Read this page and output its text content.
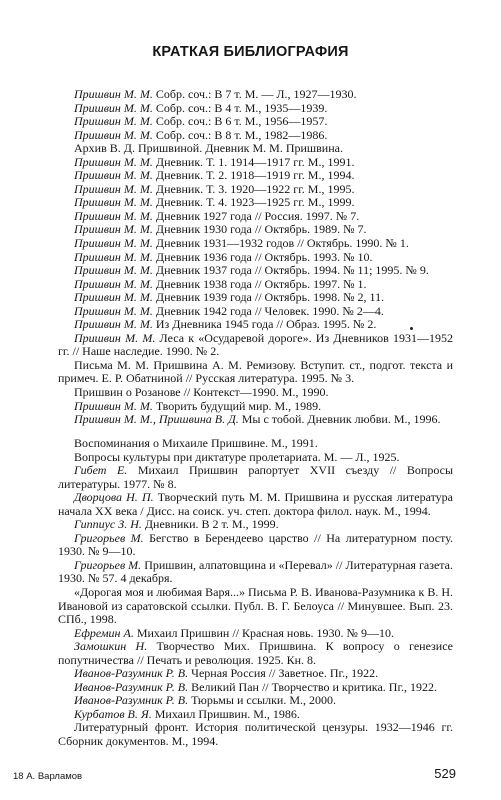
КРАТКАЯ БИБЛИОГРАФИЯ
Пришвин М. М. Собр. соч.: В 7 т. М. — Л., 1927—1930.
Пришвин М. М. Собр. соч.: В 4 т. М., 1935—1939.
Пришвин М. М. Собр. соч.: В 6 т. М., 1956—1957.
Пришвин М. М. Собр. соч.: В 8 т. М., 1982—1986.
Архив В. Д. Пришвиной. Дневник М. М. Пришвина.
Пришвин М. М. Дневник. Т. 1. 1914—1917 гг. М., 1991.
Пришвин М. М. Дневник. Т. 2. 1918—1919 гг. М., 1994.
Пришвин М. М. Дневник. Т. 3. 1920—1922 гг. М., 1995.
Пришвин М. М. Дневник. Т. 4. 1923—1925 гг. М., 1999.
Пришвин М. М. Дневник 1927 года // Россия. 1997. № 7.
Пришвин М. М. Дневник 1930 года // Октябрь. 1989. № 7.
Пришвин М. М. Дневник 1931—1932 годов // Октябрь. 1990. № 1.
Пришвин М. М. Дневник 1936 года // Октябрь. 1993. № 10.
Пришвин М. М. Дневник 1937 года // Октябрь. 1994. № 11; 1995. № 9.
Пришвин М. М. Дневник 1938 года // Октябрь. 1997. № 1.
Пришвин М. М. Дневник 1939 года // Октябрь. 1998. № 2, 11.
Пришвин М. М. Дневник 1942 года // Человек. 1990. № 2—4.
Пришвин М. М. Из Дневника 1945 года // Образ. 1995. № 2.
Пришвин М. М. Леса к «Осударевой дороге». Из Дневников 1931—1952 гг. // Наше наследие. 1990. № 2.
Письма М. М. Пришвина А. М. Ремизову. Вступит. ст., подгот. текста и примеч. Е. Р. Обатниной // Русская литература. 1995. № 3.
Пришвин о Розанове // Контекст—1990. М., 1990.
Пришвин М. М. Творить будущий мир. М., 1989.
Пришвин М. М., Пришвина В. Д. Мы с тобой. Дневник любви. М., 1996.
Воспоминания о Михаиле Пришвине. М., 1991.
Вопросы культуры при диктатуре пролетариата. М. — Л., 1925.
Гибет Е. Михаил Пришвин рапортует XVII съезду // Вопросы литературы. 1977. № 8.
Дворцова Н. П. Творческий путь М. М. Пришвина и русская литература начала XX века / Дисс. на соиск. уч. степ. доктора филол. наук. М., 1994.
Гиппиус З. Н. Дневники. В 2 т. М., 1999.
Григорьев М. Бегство в Берендеево царство // На литературном посту. 1930. № 9—10.
Григорьев М. Пришвин, алпатовщина и «Перевал» // Литературная газета. 1930. № 57. 4 декабря.
«Дорогая моя и любимая Варя...» Письма Р. В. Иванова-Разумника к В. Н. Ивановой из саратовской ссылки. Публ. В. Г. Белоуса // Минувшее. Вып. 23. СПб., 1998.
Ефремин А. Михаил Пришвин // Красная новь. 1930. № 9—10.
Замошкин Н. Творчество Мих. Пришвина. К вопросу о генезисе попутничества // Печать и революция. 1925. Кн. 8.
Иванов-Разумник Р. В. Черная Россия // Заветное. Пг., 1922.
Иванов-Разумник Р. В. Великий Пан // Творчество и критика. Пг., 1922.
Иванов-Разумник Р. В. Тюрьмы и ссылки. М., 2000.
Курбатов В. Я. Михаил Пришвин. М., 1986.
Литературный фронт. История политической цензуры. 1932—1946 гг. Сборник документов. М., 1994.
18 А. Варламов	529
